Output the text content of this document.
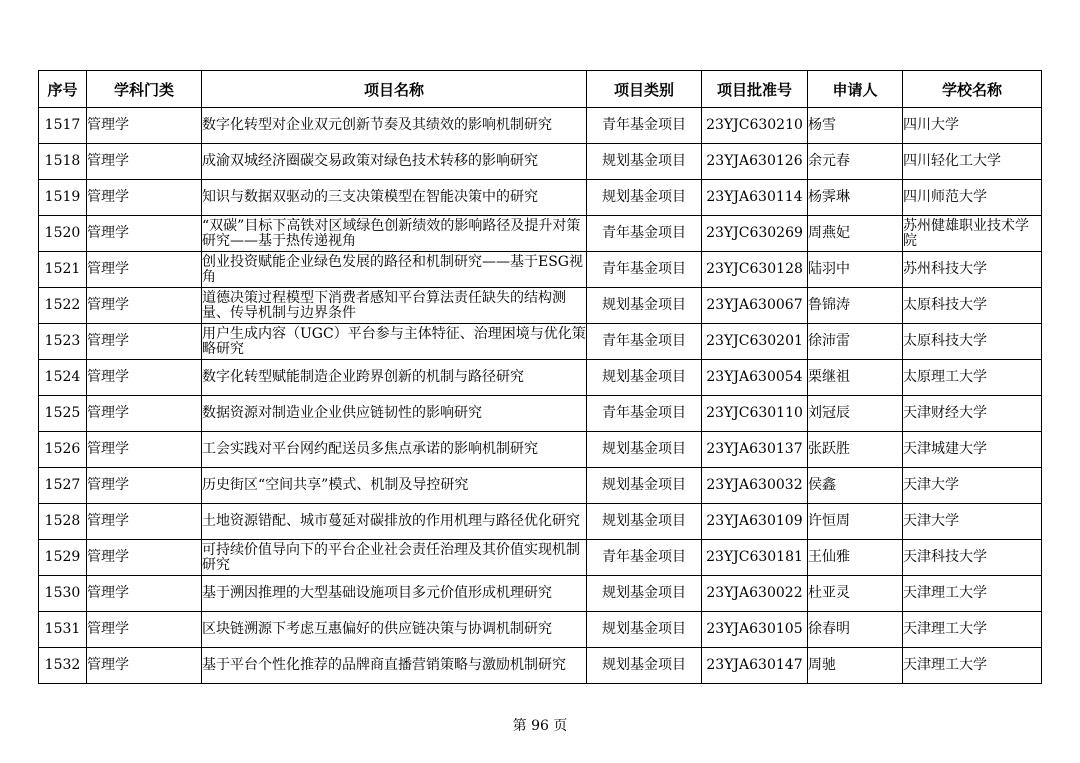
序号	学科门类	项目名称	项目类别	项目批准号	申请人	学校名称
1517	管理学	数字化转型对企业双元创新节奏及其绩效的影响机制研究	青年基金项目	23YJC630210	杨雪	四川大学
1518	管理学	成渝双城经济圈碳交易政策对绿色技术转移的影响研究	规划基金项目	23YJA630126	余元春	四川轻化工大学
1519	管理学	知识与数据双驱动的三支决策模型在智能决策中的研究	规划基金项目	23YJA630114	杨霁琳	四川师范大学
1520	管理学	“双碳”目标下高铁对区域绿色创新绩效的影响路径及提升对策研究——基于热传递视角	青年基金项目	23YJC630269	周燕妃	苏州健雄职业技术学院
1521	管理学	创业投资赋能企业绿色发展的路径和机制研究——基于ESG视角	青年基金项目	23YJC630128	陆羽中	苏州科技大学
1522	管理学	道德决策过程模型下消费者感知平台算法责任缺失的结构测量、传导机制与边界条件	规划基金项目	23YJA630067	鲁锦涛	太原科技大学
1523	管理学	用户生成内容（UGC）平台参与主体特征、治理困境与优化策略研究	青年基金项目	23YJC630201	徐沛雷	太原科技大学
1524	管理学	数字化转型赋能制造企业跨界创新的机制与路径研究	规划基金项目	23YJA630054	栗继祖	太原理工大学
1525	管理学	数据资源对制造业企业供应链韧性的影响研究	青年基金项目	23YJC630110	刘冠辰	天津财经大学
1526	管理学	工会实践对平台网约配送员多焦点承诺的影响机制研究	规划基金项目	23YJA630137	张跃胜	天津城建大学
1527	管理学	历史街区“空间共享”模式、机制及导控研究	规划基金项目	23YJA630032	侯鑫	天津大学
1528	管理学	土地资源错配、城市蔓延对碳排放的作用机理与路径优化研究	规划基金项目	23YJA630109	许恒周	天津大学
1529	管理学	可持续价值导向下的平台企业社会责任治理及其价值实现机制研究	青年基金项目	23YJC630181	王仙雅	天津科技大学
1530	管理学	基于溯因推理的大型基础设施项目多元价值形成机理研究	规划基金项目	23YJA630022	杜亚灵	天津理工大学
1531	管理学	区块链溯源下考虑互惠偏好的供应链决策与协调机制研究	规划基金项目	23YJA630105	徐春明	天津理工大学
1532	管理学	基于平台个性化推荐的品牌商直播营销策略与激励机制研究	规划基金项目	23YJA630147	周驰	天津理工大学
第 96 页
